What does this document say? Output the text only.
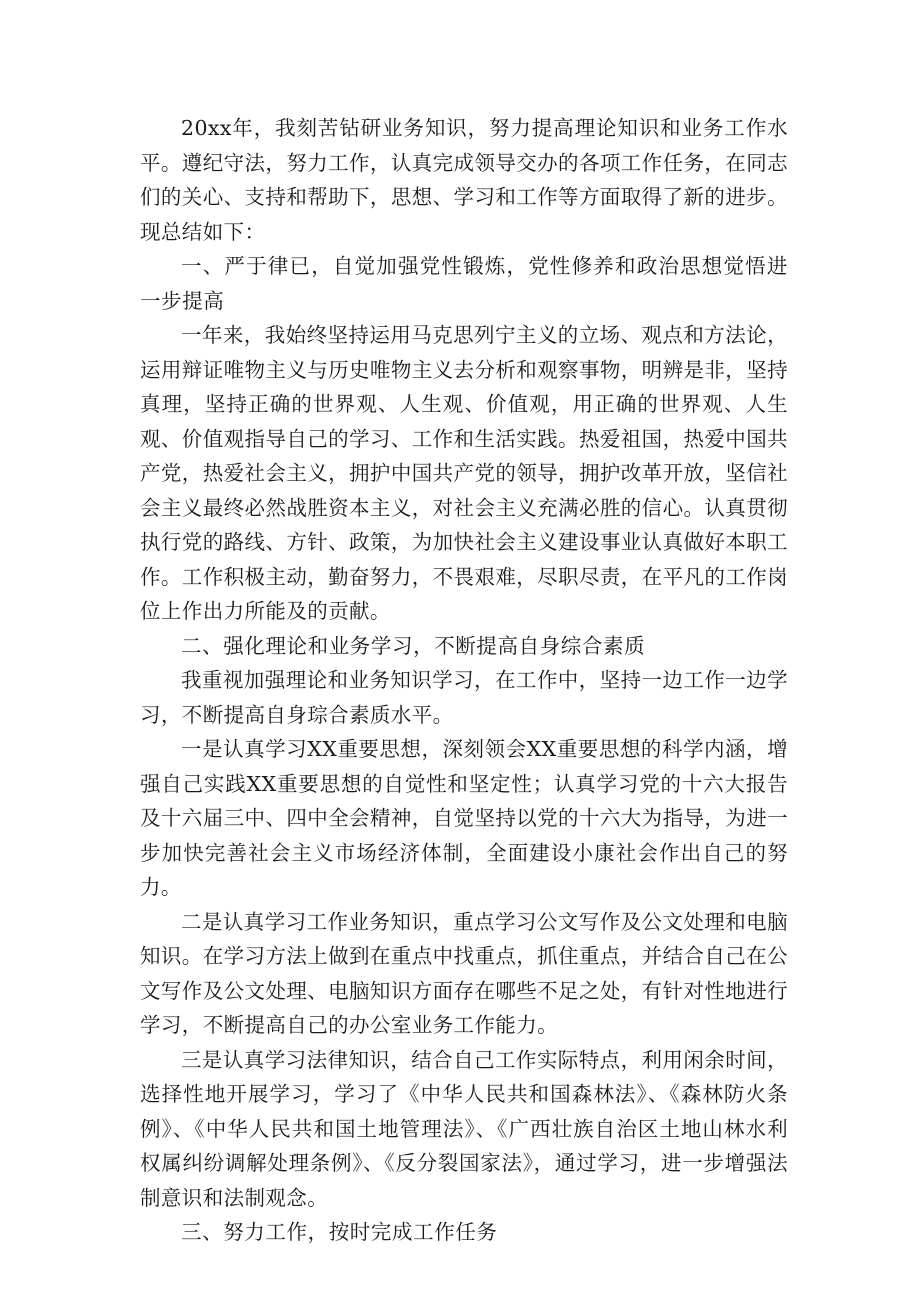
20xx年，我刻苦钻研业务知识，努力提高理论知识和业务工作水平。遵纪守法，努力工作，认真完成领导交办的各项工作任务，在同志们的关心、支持和帮助下，思想、学习和工作等方面取得了新的进步。现总结如下：

一、严于律已，自觉加强党性锻炼，党性修养和政治思想觉悟进一步提高

一年来，我始终坚持运用马克思列宁主义的立场、观点和方法论，运用辩证唯物主义与历史唯物主义去分析和观察事物，明辨是非，坚持真理，坚持正确的世界观、人生观、价值观，用正确的世界观、人生观、价值观指导自己的学习、工作和生活实践。热爱祖国，热爱中国共产党，热爱社会主义，拥护中国共产党的领导，拥护改革开放，坚信社会主义最终必然战胜资本主义，对社会主义充满必胜的信心。认真贯彻执行党的路线、方针、政策，为加快社会主义建设事业认真做好本职工作。工作积极主动，勤奋努力，不畏艰难，尽职尽责，在平凡的工作岗位上作出力所能及的贡献。

二、强化理论和业务学习，不断提高自身综合素质

我重视加强理论和业务知识学习，在工作中，坚持一边工作一边学习，不断提高自身琮合素质水平。

一是认真学习XX重要思想，深刻领会XX重要思想的科学内涵，增强自己实践XX重要思想的自觉性和坚定性；认真学习党的十六大报告及十六届三中、四中全会精神，自觉坚持以党的十六大为指导，为进一步加快完善社会主义市场经济体制，全面建设小康社会作出自己的努力。

二是认真学习工作业务知识，重点学习公文写作及公文处理和电脑知识。在学习方法上做到在重点中找重点，抓住重点，并结合自己在公文写作及公文处理、电脑知识方面存在哪些不足之处，有针对性地进行学习，不断提高自己的办公室业务工作能力。

三是认真学习法律知识，结合自己工作实际特点，利用闲余时间，选择性地开展学习，学习了《中华人民共和国森林法》、《森林防火条例》、《中华人民共和国土地管理法》、《广西壮族自治区土地山林水利权属纠纷调解处理条例》、《反分裂国家法》，通过学习，进一步增强法制意识和法制观念。

三、努力工作，按时完成工作任务
